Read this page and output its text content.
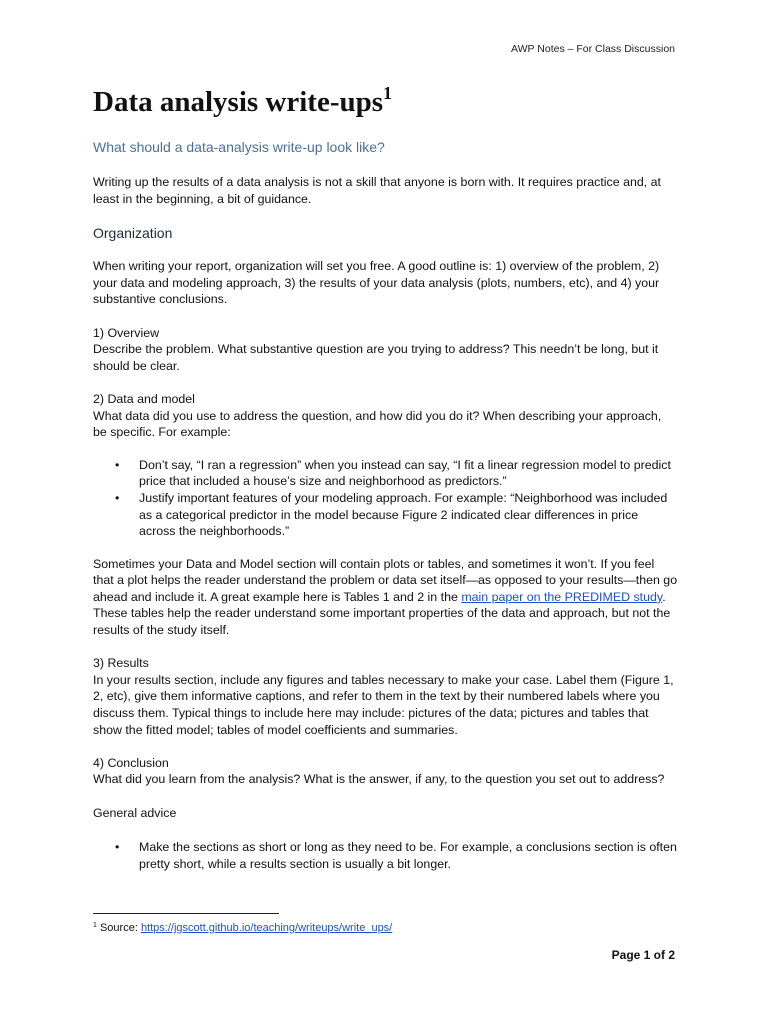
AWP Notes – For Class Discussion
Data analysis write-ups$^1$
What should a data-analysis write-up look like?

Writing up the results of a data analysis is not a skill that anyone is born with. It requires practice and, at least in the beginning, a bit of guidance.

Organization

When writing your report, organization will set you free. A good outline is: 1) overview of the problem, 2) your data and modeling approach, 3) the results of your data analysis (plots, numbers, etc), and 4) your substantive conclusions.

1) Overview

Describe the problem. What substantive question are you trying to address? This needn’t be long, but it should be clear.

2) Data and model

What data did you use to address the question, and how did you do it? When describing your approach, be specific. For example:

• Don’t say, “I ran a regression” when you instead can say, “I fit a linear regression model to predict price that included a house’s size and neighborhood as predictors.”
• Justify important features of your modeling approach. For example: “Neighborhood was included as a categorical predictor in the model because Figure 2 indicated clear differences in price across the neighborhoods.”

Sometimes your Data and Model section will contain plots or tables, and sometimes it won’t. If you feel that a plot helps the reader understand the problem or data set itself—as opposed to your results—then go ahead and include it. A great example here is Tables 1 and 2 in the main paper on the PREDIMED study. These tables help the reader understand some important properties of the data and approach, but not the results of the study itself.

3) Results

In your results section, include any figures and tables necessary to make your case. Label them (Figure 1, 2, etc), give them informative captions, and refer to them in the text by their numbered labels where you discuss them. Typical things to include here may include: pictures of the data; pictures and tables that show the fitted model; tables of model coefficients and summaries.

4) Conclusion

What did you learn from the analysis? What is the answer, if any, to the question you set out to address?

General advice

• Make the sections as short or long as they need to be. For example, a conclusions section is often pretty short, while a results section is usually a bit longer.
$^1$ Source: https://jgscott.github.io/teaching/writeups/write_ups/
Page 1 of 2
